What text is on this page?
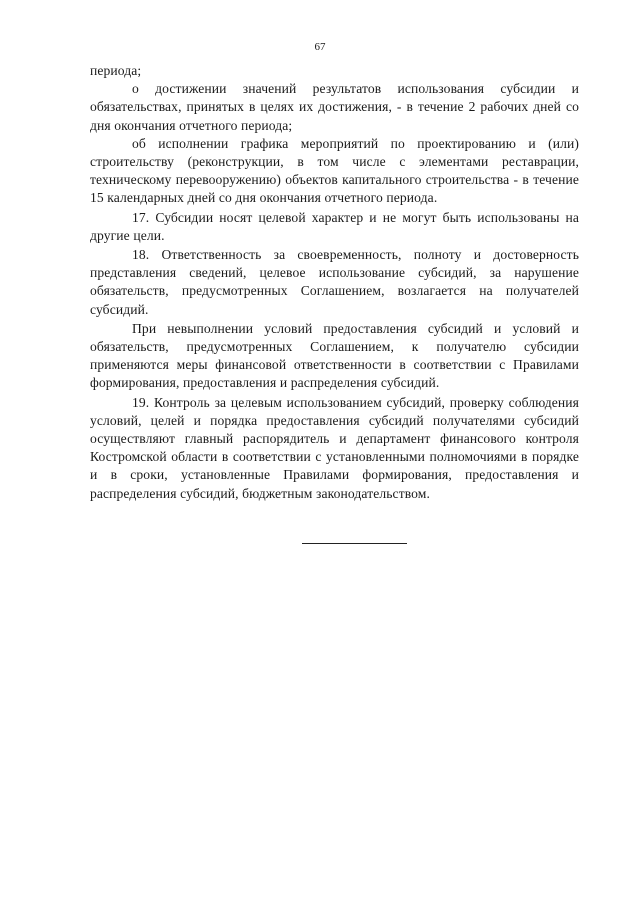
67

периода;

о достижении значений результатов использования субсидии и обязательствах, принятых в целях их достижения, - в течение 2 рабочих дней со дня окончания отчетного периода;

об исполнении графика мероприятий по проектированию и (или) строительству (реконструкции, в том числе с элементами реставрации, техническому перевооружению) объектов капитального строительства - в течение 15 календарных дней со дня окончания отчетного периода.

17. Субсидии носят целевой характер и не могут быть использованы на другие цели.

18. Ответственность за своевременность, полноту и достоверность представления сведений, целевое использование субсидий, за нарушение обязательств, предусмотренных Соглашением, возлагается на получателей субсидий.

При невыполнении условий предоставления субсидий и условий и обязательств, предусмотренных Соглашением, к получателю субсидии применяются меры финансовой ответственности в соответствии с Правилами формирования, предоставления и распределения субсидий.

19. Контроль за целевым использованием субсидий, проверку соблюдения условий, целей и порядка предоставления субсидий получателями субсидий осуществляют главный распорядитель и департамент финансового контроля Костромской области в соответствии с установленными полномочиями в порядке и в сроки, установленные Правилами формирования, предоставления и распределения субсидий, бюджетным законодательством.
